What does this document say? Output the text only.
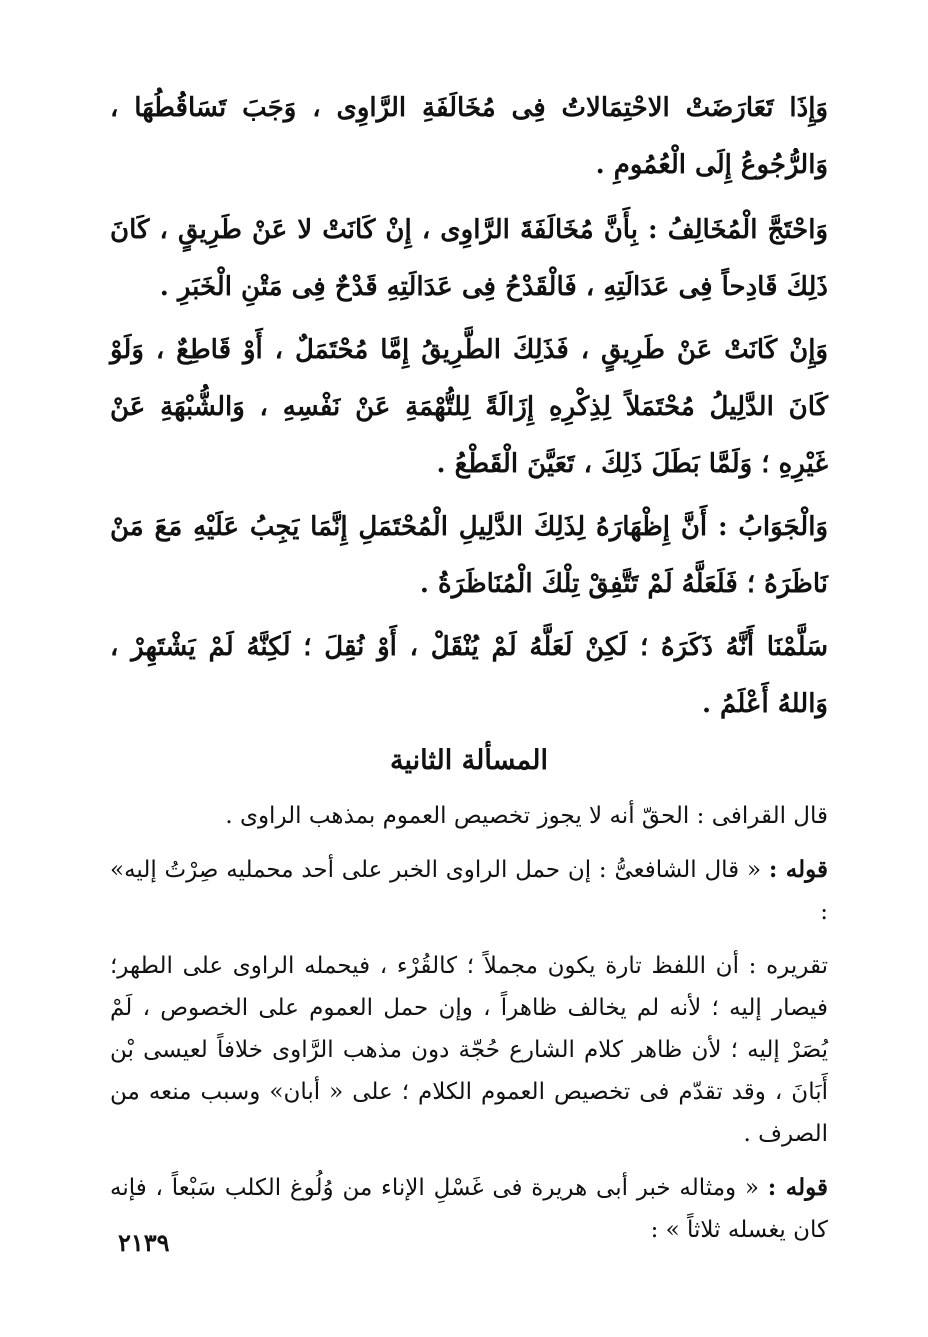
وَإِذَا تَعَارَضَتْ الاحْتِمَالاتُ فِى مُخَالَفَةِ الرَّاوِى ، وَجَبَ تَسَاقُطُهَا ، وَالرُّجُوعُ إِلَى الْعُمُومِ .

وَاحْتَجَّ الْمُخَالِفُ : بِأَنَّ مُخَالَفَةَ الرَّاوِى ، إِنْ كَانَتْ لا عَنْ طَرِيقٍ ، كَانَ ذَلِكَ قَادِحاً فِى عَدَالَتِهِ ، فَالْقَدْحُ فِى عَدَالَتِهِ قَدْحٌ فِى مَتْنِ الْخَبَرِ .

وَإِنْ كَانَتْ عَنْ طَرِيقٍ ، فَذَلِكَ الطَّرِيقُ إِمَّا مُحْتَمَلٌ ، أَوْ قَاطِعٌ ، وَلَوْ كَانَ الدَّلِيلُ مُحْتَمَلاً لِذِكْرِهِ إِزَالَةً لِلتُّهْمَةِ عَنْ نَفْسِهِ ، وَالشُّبْهَةِ عَنْ غَيْرِهِ ؛ وَلَمَّا بَطَلَ ذَلِكَ ، تَعَيَّنَ الْقَطْعُ .

وَالْجَوَابُ : أَنَّ إِظْهَارَهُ لِذَلِكَ الدَّلِيلِ الْمُحْتَمَلِ إِنَّمَا يَجِبُ عَلَيْهِ مَعَ مَنْ نَاظَرَهُ ؛ فَلَعَلَّهُ لَمْ تَتَّفِقْ تِلْكَ الْمُنَاظَرَةُ .

سَلَّمْنَا أَنَّهُ ذَكَرَهُ ؛ لَكِنْ لَعَلَّهُ لَمْ يُنْقَلْ ، أَوْ نُقِلَ ؛ لَكِنَّهُ لَمْ يَشْتَهِرْ ، وَاللهُ أَعْلَمُ .

المسألة الثانية

قال القرافى : الحقّ أنه لا يجوز تخصيص العموم بمذهب الراوى .

قوله : « قال الشافعىُّ : إن حمل الراوى الخبر على أحد محمليه صِرْتُ إليه» :

تقريره : أن اللفظ تارة يكون مجملاً ؛ كالقُرْء ، فيحمله الراوى على الطهر؛ فيصار إليه ؛ لأنه لم يخالف ظاهراً ، وإن حمل العموم على الخصوص ، لَمْ يُصَرْ إليه ؛ لأن ظاهر كلام الشارع حُجّة دون مذهب الرَّاوى خلافاً لعيسى بْن أَبَانَ ، وقد تقدّم فى تخصيص العموم الكلام ؛ على « أبان» وسبب منعه من الصرف .

قوله : « ومثاله خبر أبى هريرة فى غَسْلِ الإناء من وُلُوغ الكلب سَبْعاً ، فإنه كان يغسله ثلاثاً » :

٢١٣٩
